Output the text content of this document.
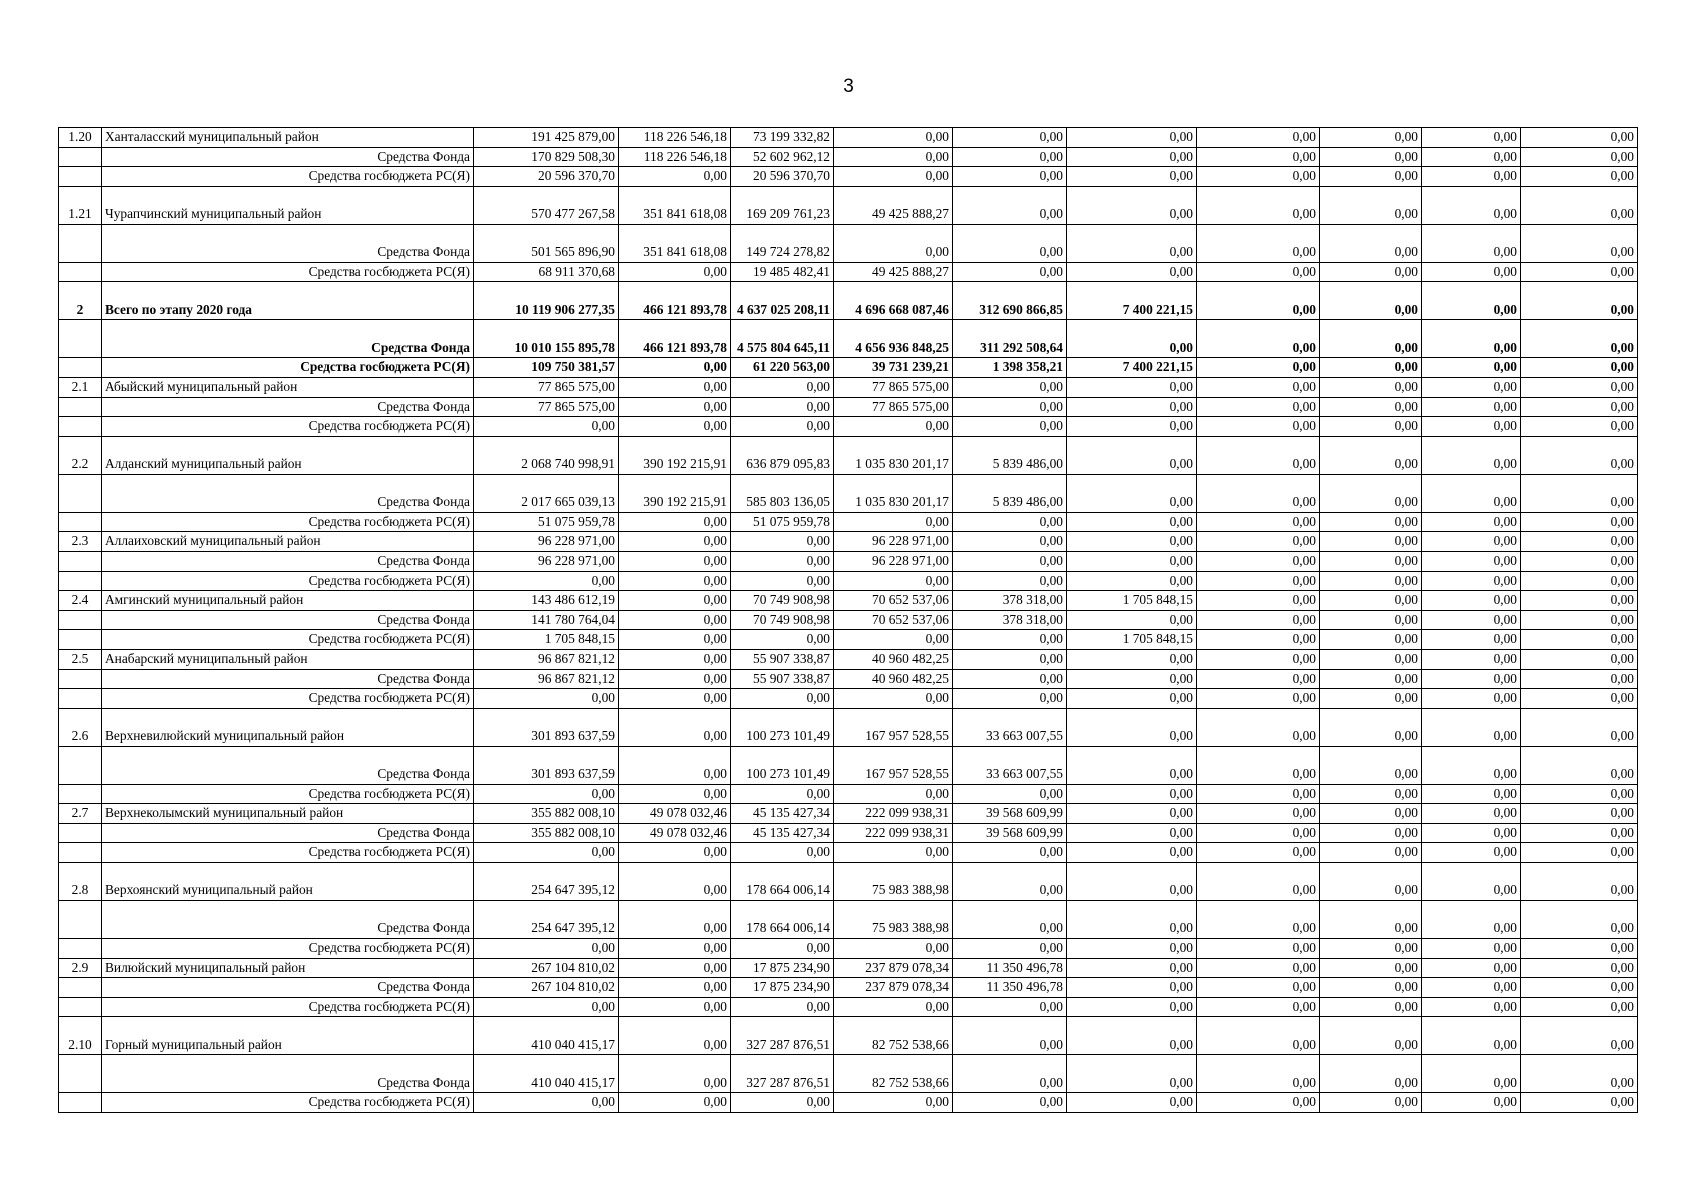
3
1.20	Ханталасский муниципальный район	191 425 879,00	118 226 546,18	73 199 332,82	0,00	0,00	0,00	0,00	0,00	0,00	0,00
	Средства Фонда	170 829 508,30	118 226 546,18	52 602 962,12	0,00	0,00	0,00	0,00	0,00	0,00	0,00
	Средства госбюджета РС(Я)	20 596 370,70	0,00	20 596 370,70	0,00	0,00	0,00	0,00	0,00	0,00	0,00
1.21	Чурапчинский муниципальный район	570 477 267,58	351 841 618,08	169 209 761,23	49 425 888,27	0,00	0,00	0,00	0,00	0,00	0,00
	Средства Фонда	501 565 896,90	351 841 618,08	149 724 278,82	0,00	0,00	0,00	0,00	0,00	0,00	0,00
	Средства госбюджета РС(Я)	68 911 370,68	0,00	19 485 482,41	49 425 888,27	0,00	0,00	0,00	0,00	0,00	0,00
2	Всего по этапу 2020 года	10 119 906 277,35	466 121 893,78	4 637 025 208,11	4 696 668 087,46	312 690 866,85	7 400 221,15	0,00	0,00	0,00	0,00
	Средства Фонда	10 010 155 895,78	466 121 893,78	4 575 804 645,11	4 656 936 848,25	311 292 508,64	0,00	0,00	0,00	0,00	0,00
	Средства госбюджета РС(Я)	109 750 381,57	0,00	61 220 563,00	39 731 239,21	1 398 358,21	7 400 221,15	0,00	0,00	0,00	0,00
2.1	Абыйский муниципальный район	77 865 575,00	0,00	0,00	77 865 575,00	0,00	0,00	0,00	0,00	0,00	0,00
	Средства Фонда	77 865 575,00	0,00	0,00	77 865 575,00	0,00	0,00	0,00	0,00	0,00	0,00
	Средства госбюджета РС(Я)	0,00	0,00	0,00	0,00	0,00	0,00	0,00	0,00	0,00	0,00
2.2	Алданский муниципальный район	2 068 740 998,91	390 192 215,91	636 879 095,83	1 035 830 201,17	5 839 486,00	0,00	0,00	0,00	0,00	0,00
	Средства Фонда	2 017 665 039,13	390 192 215,91	585 803 136,05	1 035 830 201,17	5 839 486,00	0,00	0,00	0,00	0,00	0,00
	Средства госбюджета РС(Я)	51 075 959,78	0,00	51 075 959,78	0,00	0,00	0,00	0,00	0,00	0,00	0,00
2.3	Аллаиховский муниципальный район	96 228 971,00	0,00	0,00	96 228 971,00	0,00	0,00	0,00	0,00	0,00	0,00
	Средства Фонда	96 228 971,00	0,00	0,00	96 228 971,00	0,00	0,00	0,00	0,00	0,00	0,00
	Средства госбюджета РС(Я)	0,00	0,00	0,00	0,00	0,00	0,00	0,00	0,00	0,00	0,00
2.4	Амгинский муниципальный район	143 486 612,19	0,00	70 749 908,98	70 652 537,06	378 318,00	1 705 848,15	0,00	0,00	0,00	0,00
	Средства Фонда	141 780 764,04	0,00	70 749 908,98	70 652 537,06	378 318,00	0,00	0,00	0,00	0,00	0,00
	Средства госбюджета РС(Я)	1 705 848,15	0,00	0,00	0,00	0,00	1 705 848,15	0,00	0,00	0,00	0,00
2.5	Анабарский муниципальный район	96 867 821,12	0,00	55 907 338,87	40 960 482,25	0,00	0,00	0,00	0,00	0,00	0,00
	Средства Фонда	96 867 821,12	0,00	55 907 338,87	40 960 482,25	0,00	0,00	0,00	0,00	0,00	0,00
	Средства госбюджета РС(Я)	0,00	0,00	0,00	0,00	0,00	0,00	0,00	0,00	0,00	0,00
2.6	Верхневилюйский муниципальный район	301 893 637,59	0,00	100 273 101,49	167 957 528,55	33 663 007,55	0,00	0,00	0,00	0,00	0,00
	Средства Фонда	301 893 637,59	0,00	100 273 101,49	167 957 528,55	33 663 007,55	0,00	0,00	0,00	0,00	0,00
	Средства госбюджета РС(Я)	0,00	0,00	0,00	0,00	0,00	0,00	0,00	0,00	0,00	0,00
2.7	Верхнеколымский муниципальный район	355 882 008,10	49 078 032,46	45 135 427,34	222 099 938,31	39 568 609,99	0,00	0,00	0,00	0,00	0,00
	Средства Фонда	355 882 008,10	49 078 032,46	45 135 427,34	222 099 938,31	39 568 609,99	0,00	0,00	0,00	0,00	0,00
	Средства госбюджета РС(Я)	0,00	0,00	0,00	0,00	0,00	0,00	0,00	0,00	0,00	0,00
2.8	Верхоянский муниципальный район	254 647 395,12	0,00	178 664 006,14	75 983 388,98	0,00	0,00	0,00	0,00	0,00	0,00
	Средства Фонда	254 647 395,12	0,00	178 664 006,14	75 983 388,98	0,00	0,00	0,00	0,00	0,00	0,00
	Средства госбюджета РС(Я)	0,00	0,00	0,00	0,00	0,00	0,00	0,00	0,00	0,00	0,00
2.9	Вилюйский муниципальный район	267 104 810,02	0,00	17 875 234,90	237 879 078,34	11 350 496,78	0,00	0,00	0,00	0,00	0,00
	Средства Фонда	267 104 810,02	0,00	17 875 234,90	237 879 078,34	11 350 496,78	0,00	0,00	0,00	0,00	0,00
	Средства госбюджета РС(Я)	0,00	0,00	0,00	0,00	0,00	0,00	0,00	0,00	0,00	0,00
2.10	Горный муниципальный район	410 040 415,17	0,00	327 287 876,51	82 752 538,66	0,00	0,00	0,00	0,00	0,00	0,00
	Средства Фонда	410 040 415,17	0,00	327 287 876,51	82 752 538,66	0,00	0,00	0,00	0,00	0,00	0,00
	Средства госбюджета РС(Я)	0,00	0,00	0,00	0,00	0,00	0,00	0,00	0,00	0,00	0,00
